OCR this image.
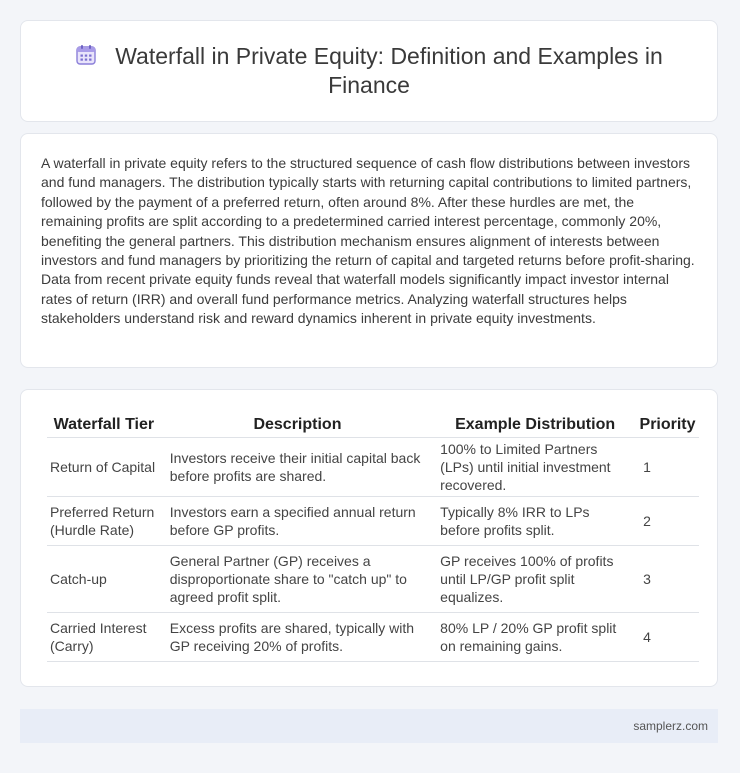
Waterfall in Private Equity: Definition and Examples in Finance

A waterfall in private equity refers to the structured sequence of cash flow distributions between investors and fund managers. The distribution typically starts with returning capital contributions to limited partners, followed by the payment of a preferred return, often around 8%. After these hurdles are met, the remaining profits are split according to a predetermined carried interest percentage, commonly 20%, benefiting the general partners. This distribution mechanism ensures alignment of interests between investors and fund managers by prioritizing the return of capital and targeted returns before profit-sharing. Data from recent private equity funds reveal that waterfall models significantly impact investor internal rates of return (IRR) and overall fund performance metrics. Analyzing waterfall structures helps stakeholders understand risk and reward dynamics inherent in private equity investments.

Waterfall Tier	Description	Example Distribution	Priority
Return of Capital	Investors receive their initial capital back before profits are shared.	100% to Limited Partners (LPs) until initial investment recovered.	1
Preferred Return (Hurdle Rate)	Investors earn a specified annual return before GP profits.	Typically 8% IRR to LPs before profits split.	2
Catch-up	General Partner (GP) receives a disproportionate share to "catch up" to agreed profit split.	GP receives 100% of profits until LP/GP profit split equalizes.	3
Carried Interest (Carry)	Excess profits are shared, typically with GP receiving 20% of profits.	80% LP / 20% GP profit split on remaining gains.	4
samplerz.com
